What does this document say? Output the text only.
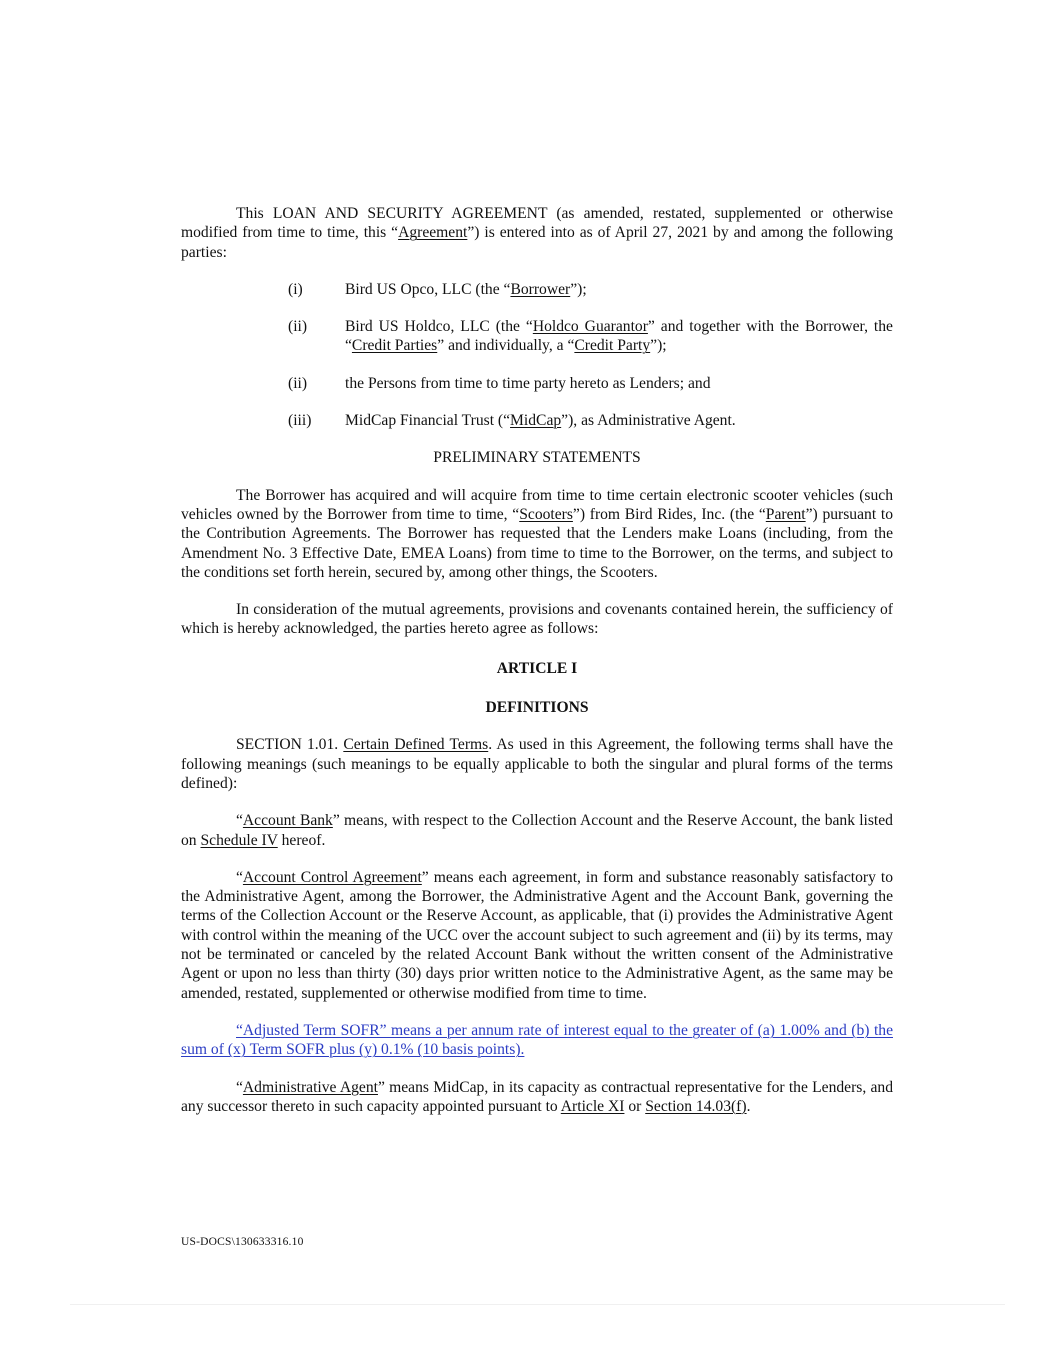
This LOAN AND SECURITY AGREEMENT (as amended, restated, supplemented or otherwise modified from time to time, this “Agreement”) is entered into as of April 27, 2021 by and among the following parties:

(i)	Bird US Opco, LLC (the “Borrower”);
(ii)	Bird US Holdco, LLC (the “Holdco Guarantor” and together with the Borrower, the “Credit Parties” and individually, a “Credit Party”);
(ii)	the Persons from time to time party hereto as Lenders; and
(iii)	MidCap Financial Trust (“MidCap”), as Administrative Agent.

PRELIMINARY STATEMENTS

The Borrower has acquired and will acquire from time to time certain electronic scooter vehicles (such vehicles owned by the Borrower from time to time, “Scooters”) from Bird Rides, Inc. (the “Parent”) pursuant to the Contribution Agreements. The Borrower has requested that the Lenders make Loans (including, from the Amendment No. 3 Effective Date, EMEA Loans) from time to time to the Borrower, on the terms, and subject to the conditions set forth herein, secured by, among other things, the Scooters.

In consideration of the mutual agreements, provisions and covenants contained herein, the sufficiency of which is hereby acknowledged, the parties hereto agree as follows:

ARTICLE I

DEFINITIONS

SECTION 1.01. Certain Defined Terms. As used in this Agreement, the following terms shall have the following meanings (such meanings to be equally applicable to both the singular and plural forms of the terms defined):

“Account Bank” means, with respect to the Collection Account and the Reserve Account, the bank listed on Schedule IV hereof.

“Account Control Agreement” means each agreement, in form and substance reasonably satisfactory to the Administrative Agent, among the Borrower, the Administrative Agent and the Account Bank, governing the terms of the Collection Account or the Reserve Account, as applicable, that (i) provides the Administrative Agent with control within the meaning of the UCC over the account subject to such agreement and (ii) by its terms, may not be terminated or canceled by the related Account Bank without the written consent of the Administrative Agent or upon no less than thirty (30) days prior written notice to the Administrative Agent, as the same may be amended, restated, supplemented or otherwise modified from time to time.

“Adjusted Term SOFR” means a per annum rate of interest equal to the greater of (a) 1.00% and (b) the sum of (x) Term SOFR plus (y) 0.1% (10 basis points).

“Administrative Agent” means MidCap, in its capacity as contractual representative for the Lenders, and any successor thereto in such capacity appointed pursuant to Article XI or Section 14.03(f).

US-DOCS\130633316.10
